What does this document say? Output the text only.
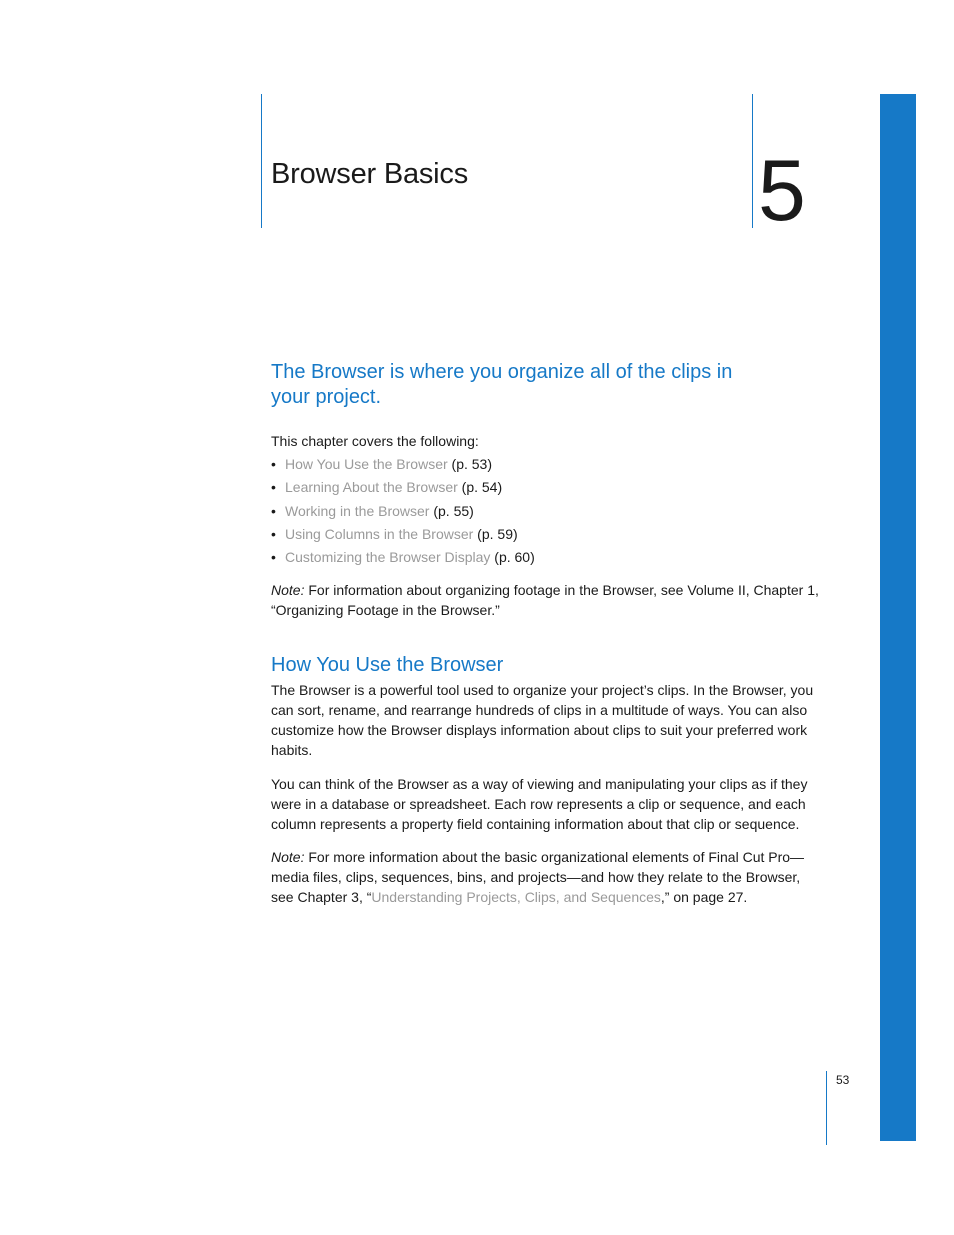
Browser Basics	5
The Browser is where you organize all of the clips in your project.

This chapter covers the following:

• How You Use the Browser (p. 53)
• Learning About the Browser (p. 54)
• Working in the Browser (p. 55)
• Using Columns in the Browser (p. 59)
• Customizing the Browser Display (p. 60)

Note: For information about organizing footage in the Browser, see Volume II, Chapter 1, “Organizing Footage in the Browser.”

How You Use the Browser

The Browser is a powerful tool used to organize your project’s clips. In the Browser, you can sort, rename, and rearrange hundreds of clips in a multitude of ways. You can also customize how the Browser displays information about clips to suit your preferred work habits.

You can think of the Browser as a way of viewing and manipulating your clips as if they were in a database or spreadsheet. Each row represents a clip or sequence, and each column represents a property field containing information about that clip or sequence.

Note: For more information about the basic organizational elements of Final Cut Pro—media files, clips, sequences, bins, and projects—and how they relate to the Browser, see Chapter 3, “Understanding Projects, Clips, and Sequences,” on page 27.

53
